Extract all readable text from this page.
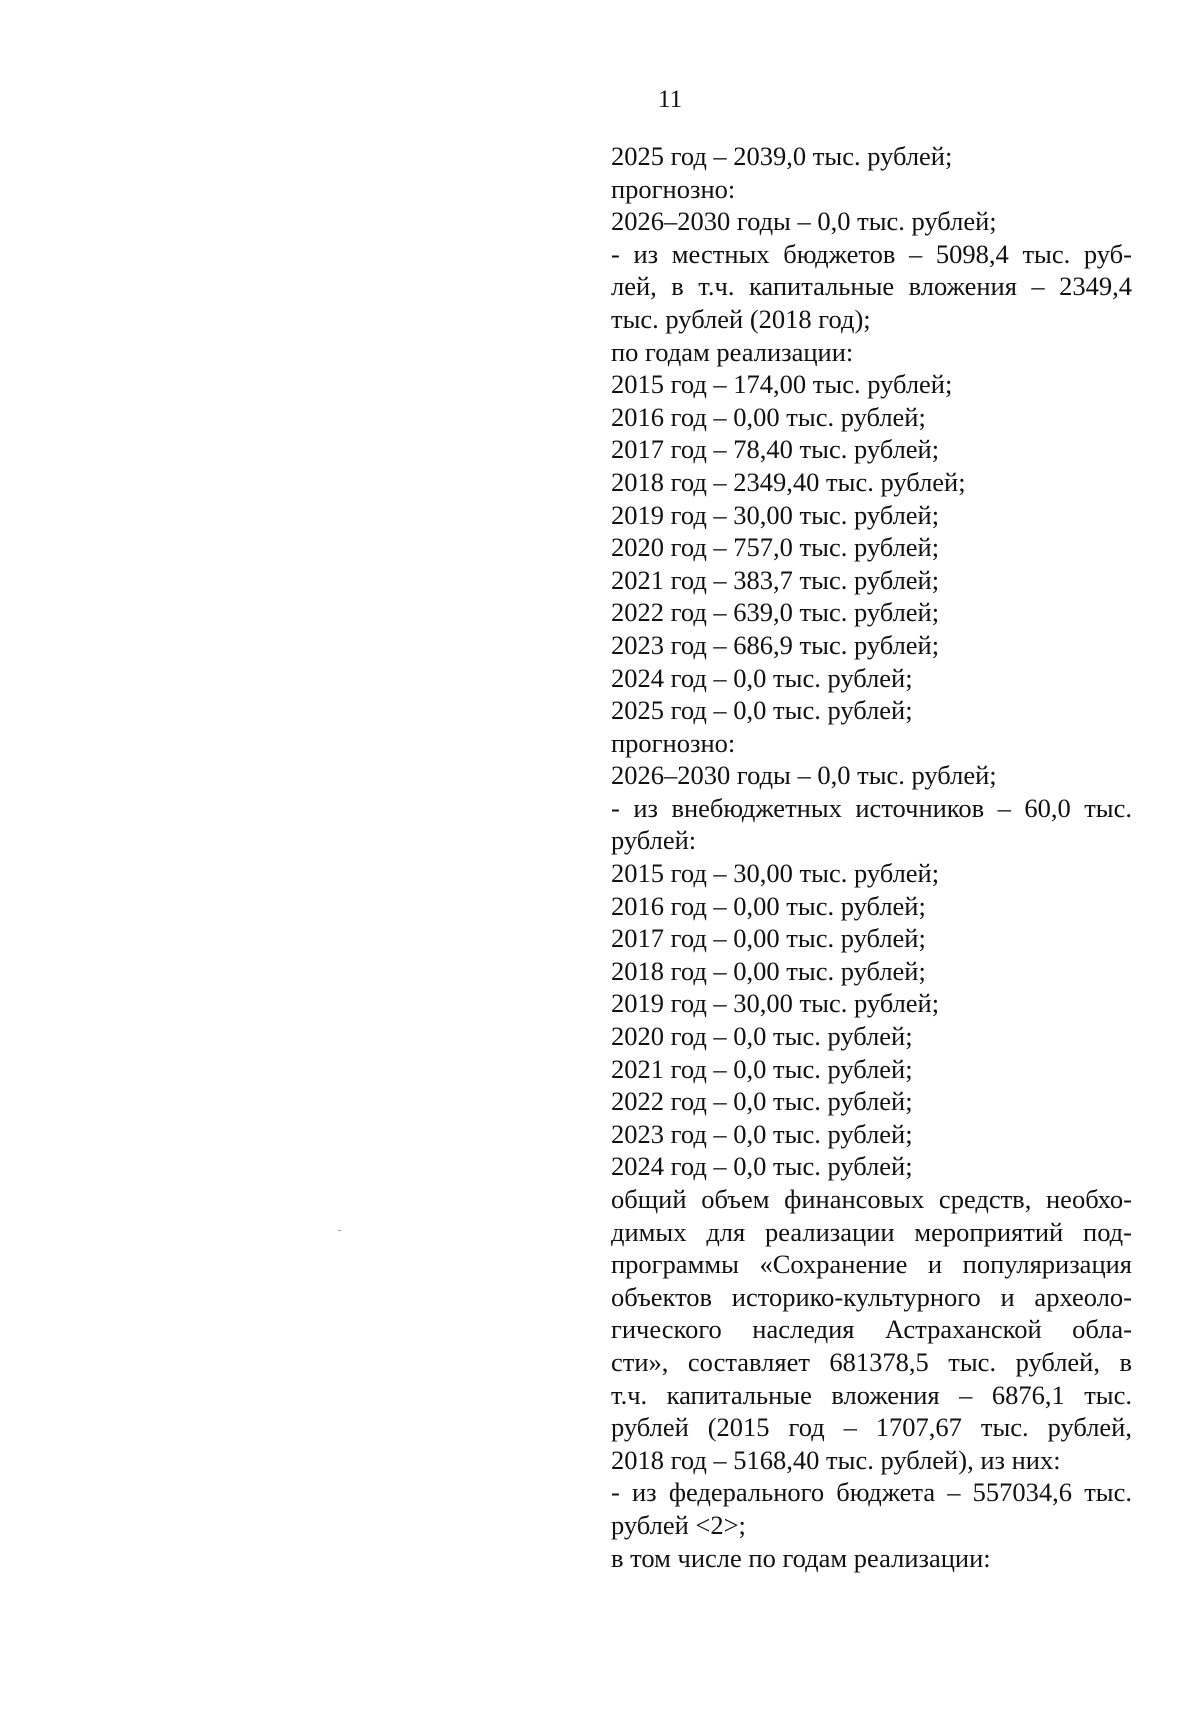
11
2025 год – 2039,0 тыс. рублей;
прогнозно:
2026–2030 годы – 0,0 тыс. рублей;
- из местных бюджетов – 5098,4 тыс. руб-
лей, в т.ч. капитальные вложения – 2349,4
тыс. рублей (2018 год);
по годам реализации:
2015 год – 174,00 тыс. рублей;
2016 год – 0,00 тыс. рублей;
2017 год – 78,40 тыс. рублей;
2018 год – 2349,40 тыс. рублей;
2019 год – 30,00 тыс. рублей;
2020 год – 757,0 тыс. рублей;
2021 год – 383,7 тыс. рублей;
2022 год – 639,0 тыс. рублей;
2023 год – 686,9 тыс. рублей;
2024 год – 0,0 тыс. рублей;
2025 год – 0,0 тыс. рублей;
прогнозно:
2026–2030 годы – 0,0 тыс. рублей;
- из внебюджетных источников – 60,0 тыс.
рублей:
2015 год – 30,00 тыс. рублей;
2016 год – 0,00 тыс. рублей;
2017 год – 0,00 тыс. рублей;
2018 год – 0,00 тыс. рублей;
2019 год – 30,00 тыс. рублей;
2020 год – 0,0 тыс. рублей;
2021 год – 0,0 тыс. рублей;
2022 год – 0,0 тыс. рублей;
2023 год – 0,0 тыс. рублей;
2024 год – 0,0 тыс. рублей;
общий объем финансовых средств, необхо-
димых для реализации мероприятий под-
программы «Сохранение и популяризация
объектов историко-культурного и археоло-
гического наследия Астраханской обла-
сти», составляет 681378,5 тыс. рублей, в
т.ч. капитальные вложения – 6876,1 тыс.
рублей (2015 год – 1707,67 тыс. рублей,
2018 год – 5168,40 тыс. рублей), из них:
- из федерального бюджета – 557034,6 тыс.
рублей <2>;
в том числе по годам реализации:
